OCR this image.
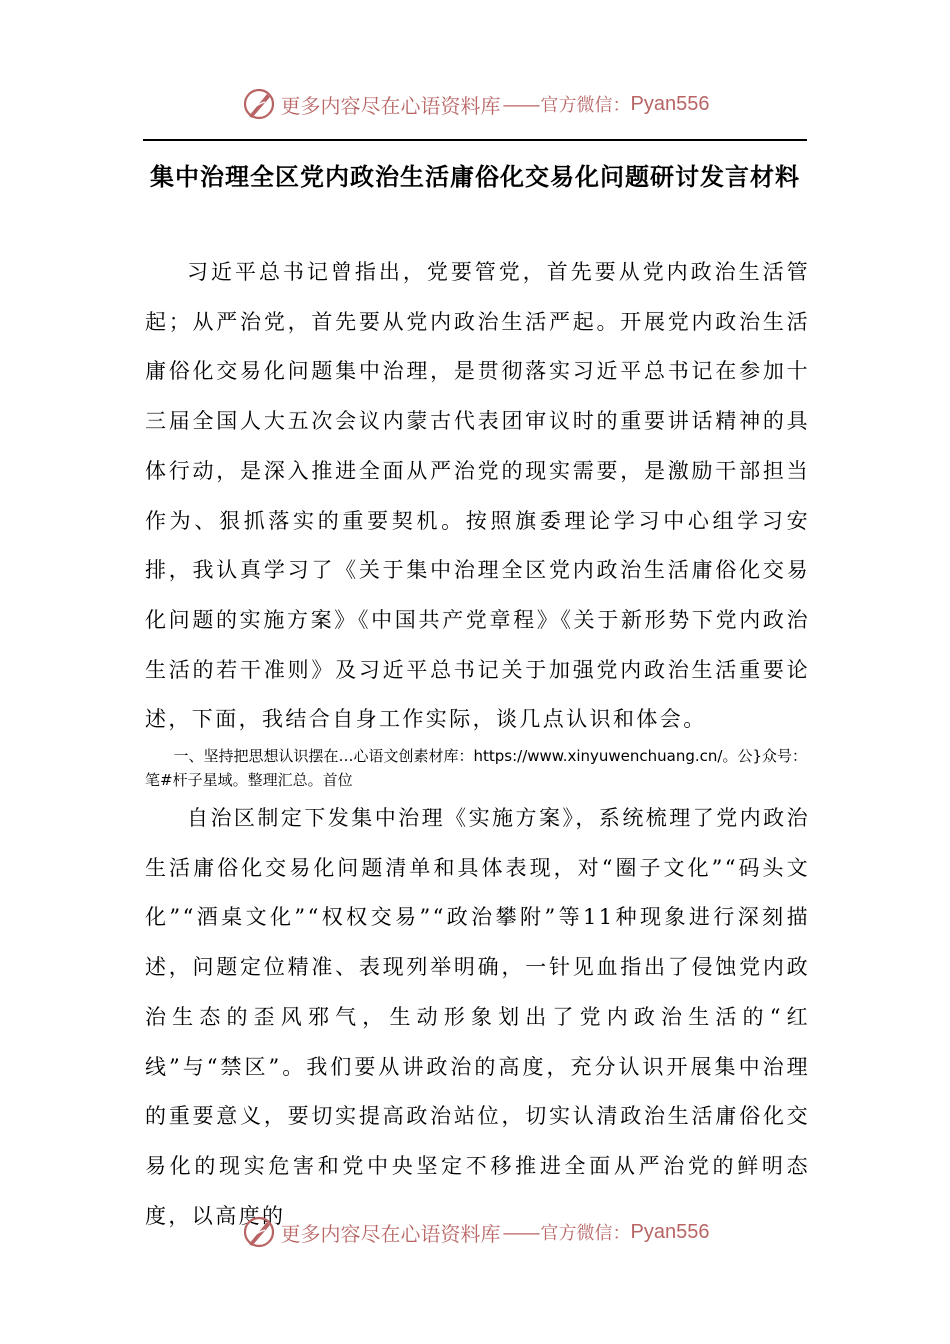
更多内容尽在心语资料库 —— 官方微信： Pyan556
集中治理全区党内政治生活庸俗化交易化问题研讨发言材料

习近平总书记曾指出，党要管党，首先要从党内政治生活管起；从严治党，首先要从党内政治生活严起。开展党内政治生活庸俗化交易化问题集中治理，是贯彻落实习近平总书记在参加十三届全国人大五次会议内蒙古代表团审议时的重要讲话精神的具体行动，是深入推进全面从严治党的现实需要，是激励干部担当作为、狠抓落实的重要契机。按照旗委理论学习中心组学习安排，我认真学习了《关于集中治理全区党内政治生活庸俗化交易化问题的实施方案》《中国共产党章程》《关于新形势下党内政治生活的若干准则》及习近平总书记关于加强党内政治生活重要论述，下面，我结合自身工作实际，谈几点认识和体会。

一、坚持把思想认识摆在…心语文创素材库：https://www.xinyuwenchuang.cn/。公}众号：笔#杆子星域。整理汇总。首位

自治区制定下发集中治理《实施方案》，系统梳理了党内政治生活庸俗化交易化问题清单和具体表现，对“圈子文化”“码头文化”“酒桌文化”“权权交易”“政治攀附”等11种现象进行深刻描述，问题定位精准、表现列举明确，一针见血指出了侵蚀党内政治生态的歪风邪气，生动形象划出了党内政治生活的“红线”与“禁区”。我们要从讲政治的高度，充分认识开展集中治理的重要意义，要切实提高政治站位，切实认清政治生活庸俗化交易化的现实危害和党中央坚定不移推进全面从严治党的鲜明态度，以高度的

更多内容尽在心语资料库 —— 官方微信： Pyan556
